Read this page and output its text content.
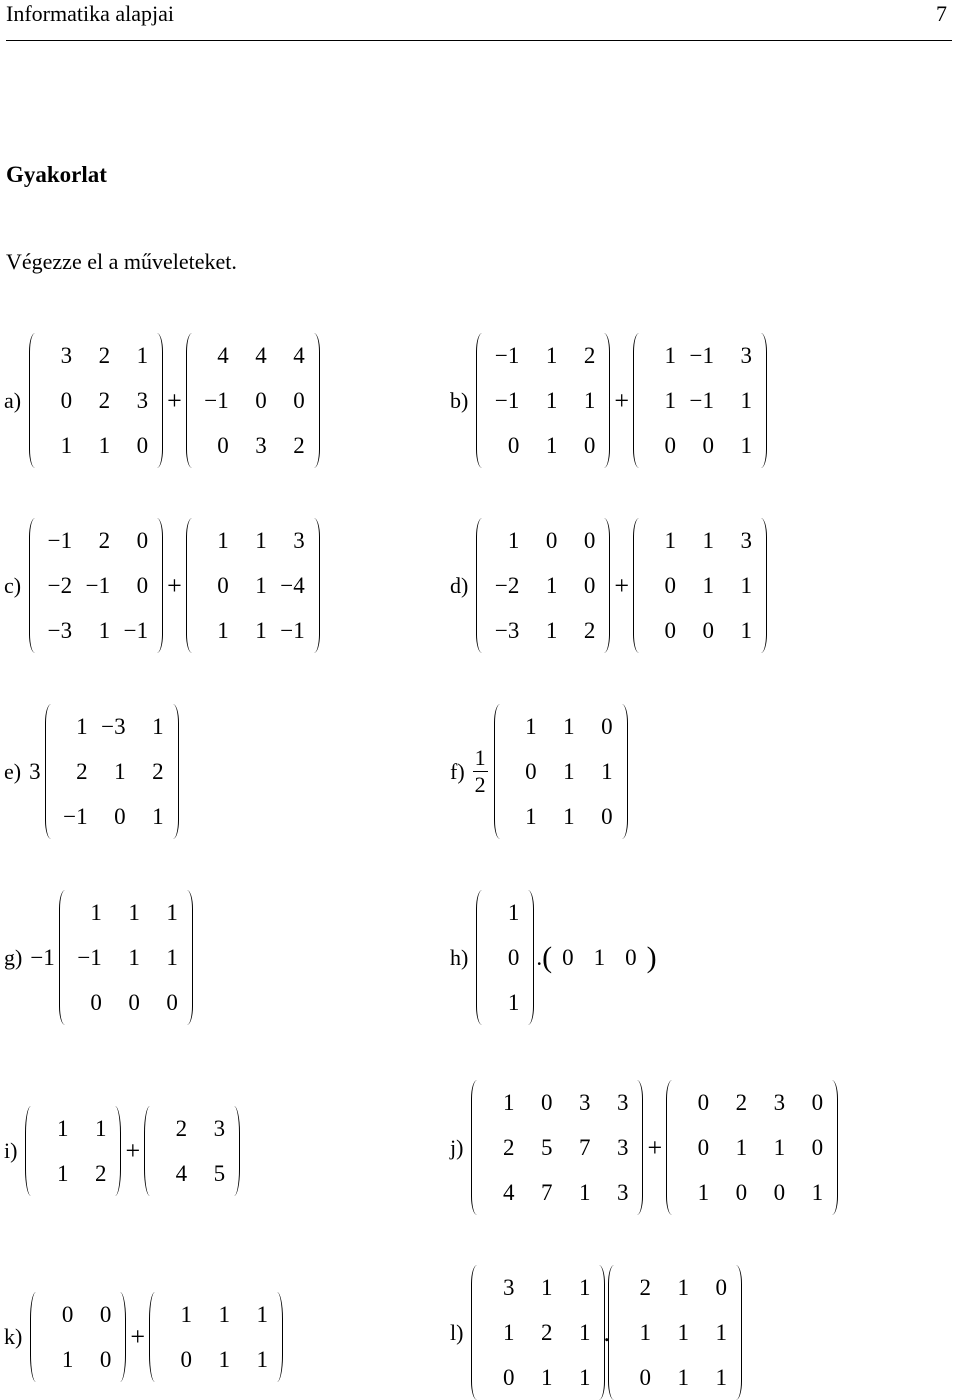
Informatika alapjai	7
Gyakorlat
Végezze el a műveleteket.
a)
3	2	1
0	2	3
1	1	0
+
4	4	4
−1	0	0
0	3	2
b)
−1	1	2
−1	1	1
0	1	0
+
1	−1	3
1	−1	1
0	0	1
c)
−1	2	0
−2	−1	0
−3	1	−1
+
1	1	3
0	1	−4
1	1	−1
d)
1	0	0
−2	1	0
−3	1	2
+
1	1	3
0	1	1
0	0	1
e) 3
1	−3	1
2	1	2
−1	0	1
$f) \frac{1}{2}$
1	1	0
0	1	1
1	1	0
g) −1
1	1	1
−1	1	1
0	0	0
h)
1
0
1
. ( 0 1 0 )
i)
1	1
1	2
+
2	3
4	5
j)
1	0	3	3
2	5	7	3
4	7	1	3
+
0	2	3	0
0	1	1	0
1	0	0	1
k)
0	0
1	0
+
1	1	1
0	1	1
l)
3	1	1
1	2	1
0	1	1
.
2	1	0
1	1	1
0	1	1
